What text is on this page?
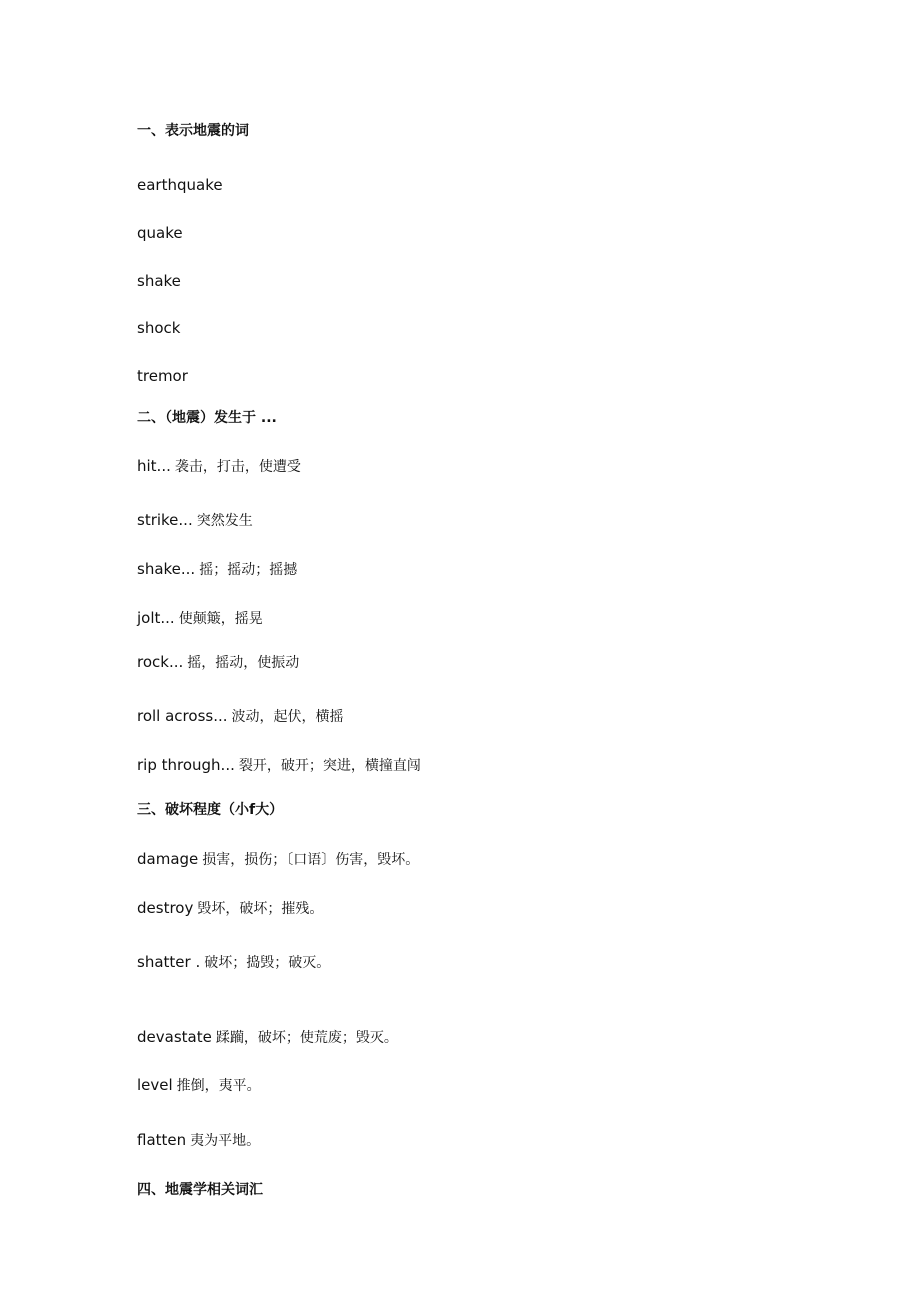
一、表示地震的词
earthquake
quake
shake
shock
tremor
二、（地震）发生于 ...
hit... 袭击，打击，使遭受
strike... 突然发生
shake... 摇；摇动；摇撼
jolt... 使颠簸，摇晃
rock... 摇，摇动，使振动
roll across... 波动，起伏，横摇
rip through... 裂开，破开；突进，横撞直闯
三、破坏程度（小f大）
damage 损害，损伤；〔口语〕伤害，毁坏。
destroy 毁坏，破坏；摧残。
shatter . 破坏；捣毁；破灭。
devastate 蹂躏，破坏；使荒废；毁灭。
level 推倒，夷平。
flatten 夷为平地。
四、地震学相关词汇
